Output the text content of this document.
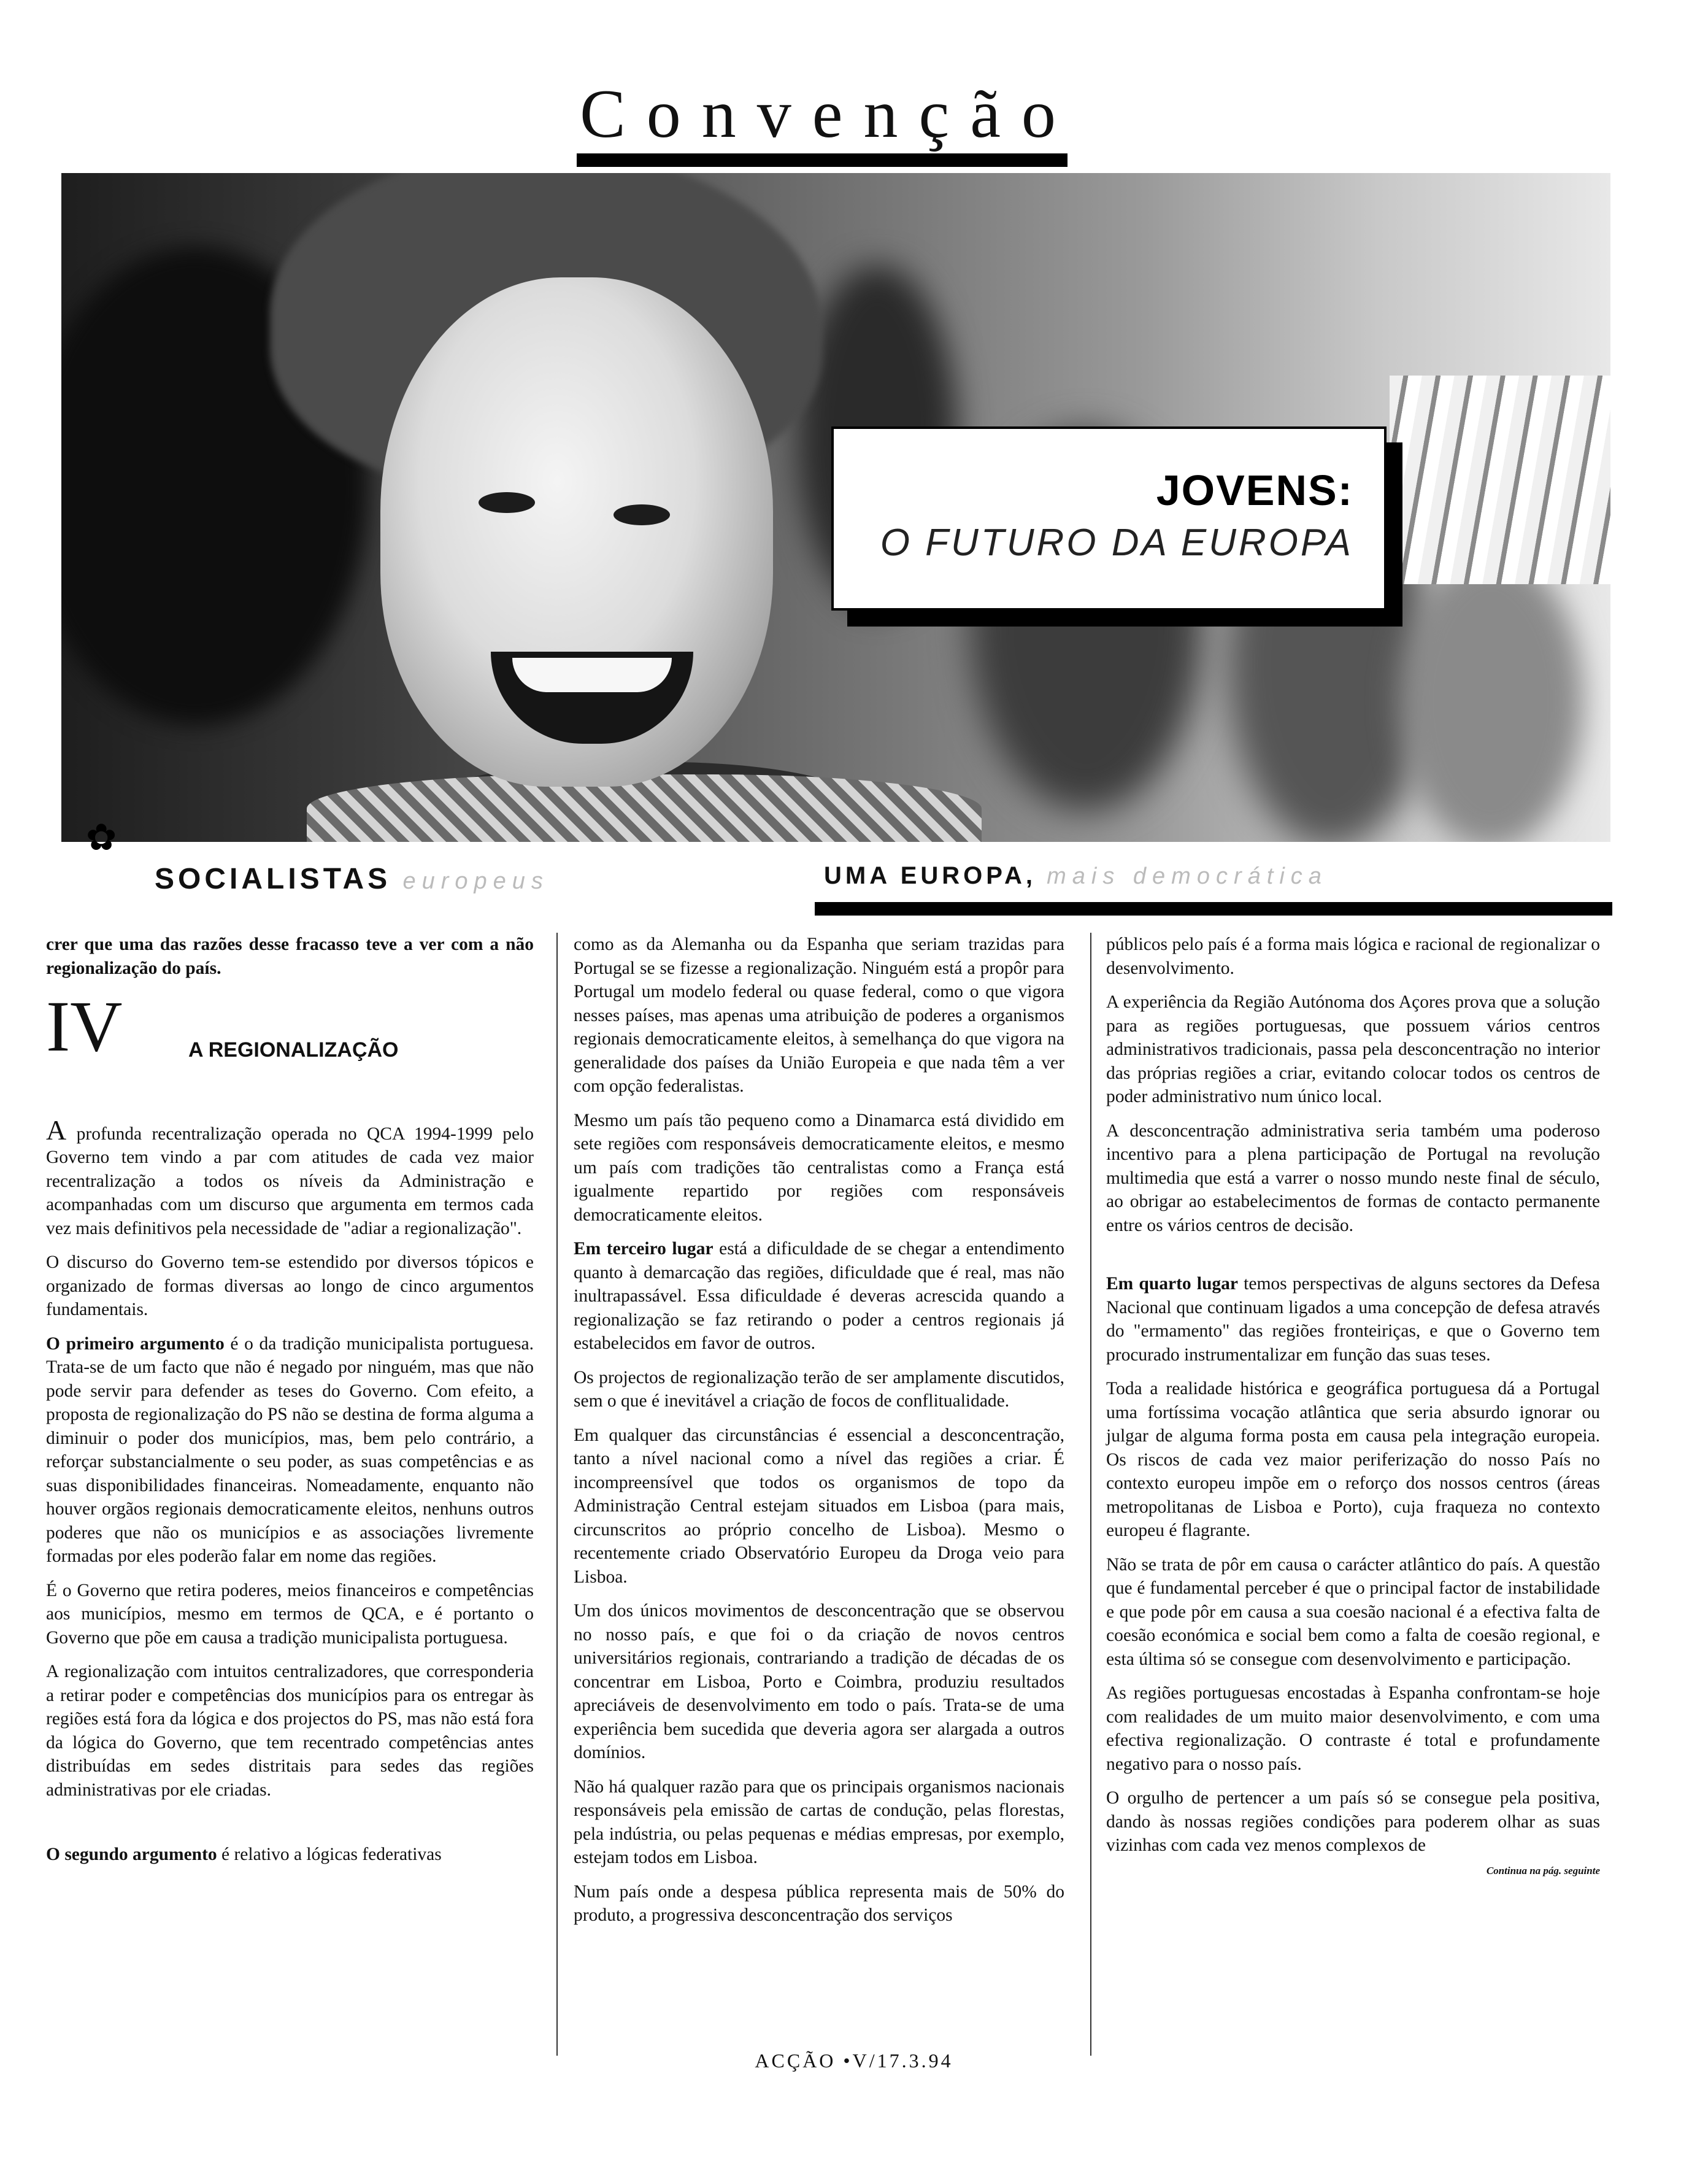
Convenção
JOVENS:
O FUTURO DA EUROPA
✿
SOCIALISTAS europeus	UMA EUROPA, mais democrática

crer que uma das razões desse fracasso teve a ver com a não regionalização do país.

IV	A REGIONALIZAÇÃO

A profunda recentralização operada no QCA 1994-1999 pelo Governo tem vindo a par com atitudes de cada vez maior recentralização a todos os níveis da Administração e acompanhadas com um discurso que argumenta em termos cada vez mais definitivos pela necessidade de "adiar a regionalização".

O discurso do Governo tem-se estendido por diversos tópicos e organizado de formas diversas ao longo de cinco argumentos fundamentais.

O primeiro argumento é o da tradição municipalista portuguesa. Trata-se de um facto que não é negado por ninguém, mas que não pode servir para defender as teses do Governo. Com efeito, a proposta de regionalização do PS não se destina de forma alguma a diminuir o poder dos municípios, mas, bem pelo contrário, a reforçar substancialmente o seu poder, as suas competências e as suas disponibilidades financeiras. Nomeadamente, enquanto não houver orgãos regionais democraticamente eleitos, nenhuns outros poderes que não os municípios e as associações livremente formadas por eles poderão falar em nome das regiões.

É o Governo que retira poderes, meios financeiros e competências aos municípios, mesmo em termos de QCA, e é portanto o Governo que põe em causa a tradição municipalista portuguesa.

A regionalização com intuitos centralizadores, que corresponderia a retirar poder e competências dos municípios para os entregar às regiões está fora da lógica e dos projectos do PS, mas não está fora da lógica do Governo, que tem recentrado competências antes distribuídas em sedes distritais para sedes das regiões administrativas por ele criadas.

O segundo argumento é relativo a lógicas federativas

como as da Alemanha ou da Espanha que seriam trazidas para Portugal se se fizesse a regionalização. Ninguém está a propôr para Portugal um modelo federal ou quase federal, como o que vigora nesses países, mas apenas uma atribuição de poderes a organismos regionais democraticamente eleitos, à semelhança do que vigora na generalidade dos países da União Europeia e que nada têm a ver com opção federalistas.

Mesmo um país tão pequeno como a Dinamarca está dividido em sete regiões com responsáveis democraticamente eleitos, e mesmo um país com tradições tão centralistas como a França está igualmente repartido por regiões com responsáveis democraticamente eleitos.

Em terceiro lugar está a dificuldade de se chegar a entendimento quanto à demarcação das regiões, dificuldade que é real, mas não inultrapassável. Essa dificuldade é deveras acrescida quando a regionalização se faz retirando o poder a centros regionais já estabelecidos em favor de outros.

Os projectos de regionalização terão de ser amplamente discutidos, sem o que é inevitável a criação de focos de conflitualidade.

Em qualquer das circunstâncias é essencial a desconcentração, tanto a nível nacional como a nível das regiões a criar. É incompreensível que todos os organismos de topo da Administração Central estejam situados em Lisboa (para mais, circunscritos ao próprio concelho de Lisboa). Mesmo o recentemente criado Observatório Europeu da Droga veio para Lisboa.

Um dos únicos movimentos de desconcentração que se observou no nosso país, e que foi o da criação de novos centros universitários regionais, contrariando a tradição de décadas de os concentrar em Lisboa, Porto e Coimbra, produziu resultados apreciáveis de desenvolvimento em todo o país. Trata-se de uma experiência bem sucedida que deveria agora ser alargada a outros domínios.

Não há qualquer razão para que os principais organismos nacionais responsáveis pela emissão de cartas de condução, pelas florestas, pela indústria, ou pelas pequenas e médias empresas, por exemplo, estejam todos em Lisboa.

Num país onde a despesa pública representa mais de 50% do produto, a progressiva desconcentração dos serviços

públicos pelo país é a forma mais lógica e racional de regionalizar o desenvolvimento.

A experiência da Região Autónoma dos Açores prova que a solução para as regiões portuguesas, que possuem vários centros administrativos tradicionais, passa pela desconcentração no interior das próprias regiões a criar, evitando colocar todos os centros de poder administrativo num único local.

A desconcentração administrativa seria também uma poderoso incentivo para a plena participação de Portugal na revolução multimedia que está a varrer o nosso mundo neste final de século, ao obrigar ao estabelecimentos de formas de contacto permanente entre os vários centros de decisão.

Em quarto lugar temos perspectivas de alguns sectores da Defesa Nacional que continuam ligados a uma concepção de defesa através do "ermamento" das regiões fronteiriças, e que o Governo tem procurado instrumentalizar em função das suas teses.

Toda a realidade histórica e geográfica portuguesa dá a Portugal uma fortíssima vocação atlântica que seria absurdo ignorar ou julgar de alguma forma posta em causa pela integração europeia. Os riscos de cada vez maior periferização do nosso País no contexto europeu impõe em o reforço dos nossos centros (áreas metropolitanas de Lisboa e Porto), cuja fraqueza no contexto europeu é flagrante.

Não se trata de pôr em causa o carácter atlântico do país. A questão que é fundamental perceber é que o principal factor de instabilidade e que pode pôr em causa a sua coesão nacional é a efectiva falta de coesão económica e social bem como a falta de coesão regional, e esta última só se consegue com desenvolvimento e participação.

As regiões portuguesas encostadas à Espanha confrontam-se hoje com realidades de um muito maior desenvolvimento, e com uma efectiva regionalização. O contraste é total e profundamente negativo para o nosso país.

O orgulho de pertencer a um país só se consegue pela positiva, dando às nossas regiões condições para poderem olhar as suas vizinhas com cada vez menos complexos de

Continua na pág. seguinte
ACÇÃO •V/17.3.94
